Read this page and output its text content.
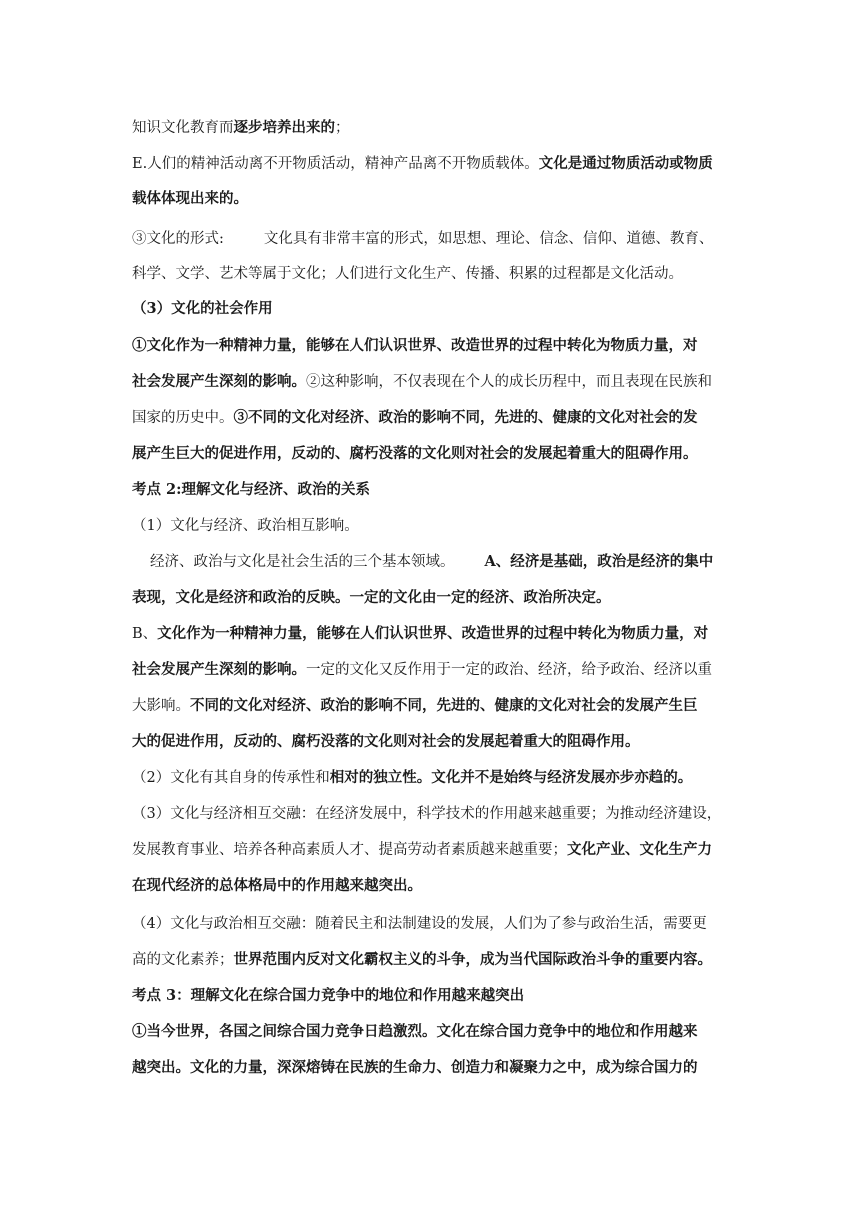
知识文化教育而逐步培养出来的；
E.人们的精神活动离不开物质活动，精神产品离不开物质载体。文化是通过物质活动或物质
载体体现出来的。
③文化的形式:	文化具有非常丰富的形式，如思想、理论、信念、信仰、道德、教育、
科学、文学、艺术等属于文化；人们进行文化生产、传播、积累的过程都是文化活动。
（3）文化的社会作用
①文化作为一种精神力量，能够在人们认识世界、改造世界的过程中转化为物质力量，对
社会发展产生深刻的影响。②这种影响，不仅表现在个人的成长历程中，而且表现在民族和
国家的历史中。③不同的文化对经济、政治的影响不同，先进的、健康的文化对社会的发
展产生巨大的促进作用，反动的、腐朽没落的文化则对社会的发展起着重大的阻碍作用。
考点 2:理解文化与经济、政治的关系
（1）文化与经济、政治相互影响。
经济、政治与文化是社会生活的三个基本领域。 A、经济是基础，政治是经济的集中
表现，文化是经济和政治的反映。一定的文化由一定的经济、政治所决定。
B、文化作为一种精神力量，能够在人们认识世界、改造世界的过程中转化为物质力量，对
社会发展产生深刻的影响。一定的文化又反作用于一定的政治、经济，给予政治、经济以重
大影响。不同的文化对经济、政治的影响不同，先进的、健康的文化对社会的发展产生巨
大的促进作用，反动的、腐朽没落的文化则对社会的发展起着重大的阻碍作用。
（2）文化有其自身的传承性和相对的独立性。文化并不是始终与经济发展亦步亦趋的。
（3）文化与经济相互交融：在经济发展中，科学技术的作用越来越重要；为推动经济建设，
发展教育事业、培养各种高素质人才、提高劳动者素质越来越重要；文化产业、文化生产力
在现代经济的总体格局中的作用越来越突出。
（4）文化与政治相互交融：随着民主和法制建设的发展，人们为了参与政治生活，需要更
高的文化素养；世界范围内反对文化霸权主义的斗争，成为当代国际政治斗争的重要内容。
考点 3：理解文化在综合国力竞争中的地位和作用越来越突出
①当今世界，各国之间综合国力竞争日趋激烈。文化在综合国力竞争中的地位和作用越来
越突出。文化的力量，深深熔铸在民族的生命力、创造力和凝聚力之中，成为综合国力的
